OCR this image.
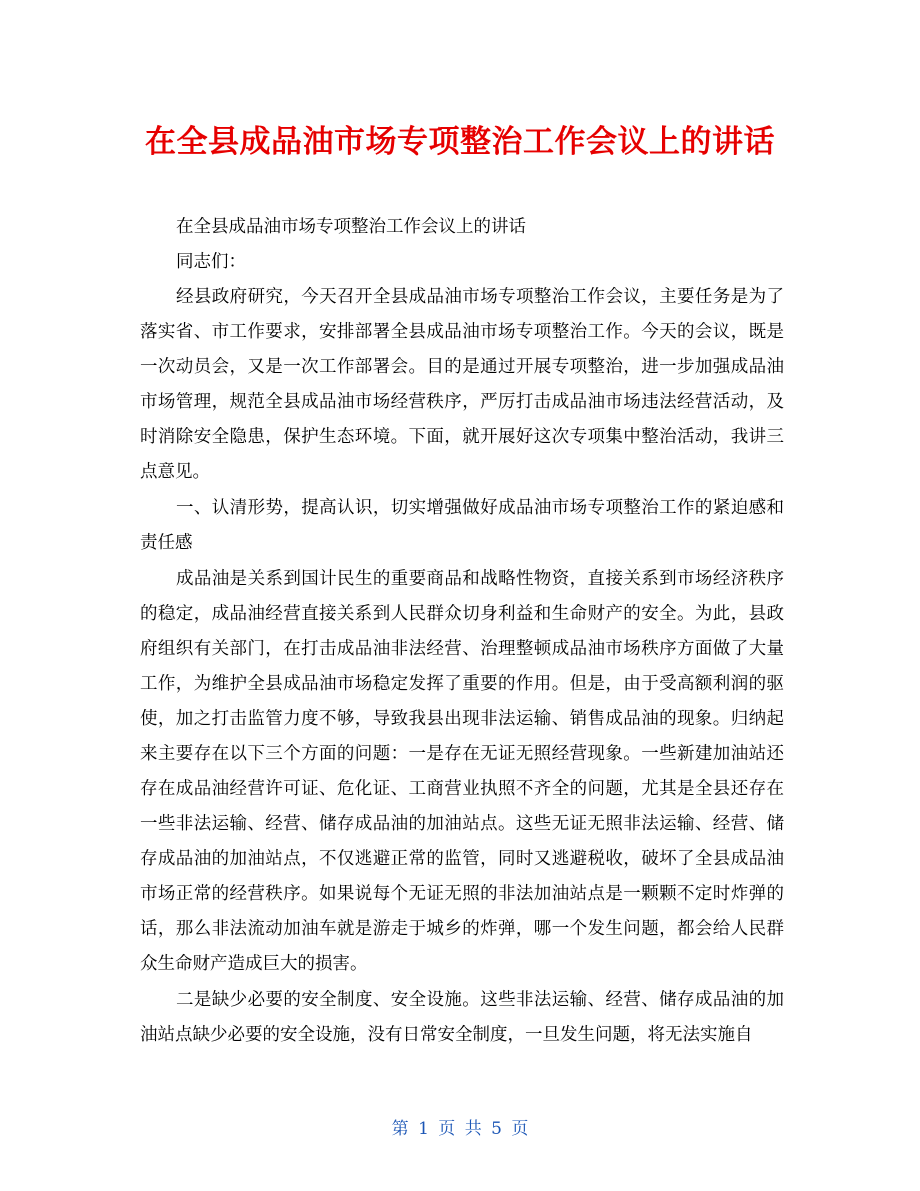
在全县成品油市场专项整治工作会议上的讲话

在全县成品油市场专项整治工作会议上的讲话

同志们：

经县政府研究，今天召开全县成品油市场专项整治工作会议，主要任务是为了落实省、市工作要求，安排部署全县成品油市场专项整治工作。今天的会议，既是一次动员会，又是一次工作部署会。目的是通过开展专项整治，进一步加强成品油市场管理，规范全县成品油市场经营秩序，严厉打击成品油市场违法经营活动，及时消除安全隐患，保护生态环境。下面，就开展好这次专项集中整治活动，我讲三点意见。

一、认清形势，提高认识，切实增强做好成品油市场专项整治工作的紧迫感和责任感

成品油是关系到国计民生的重要商品和战略性物资，直接关系到市场经济秩序的稳定，成品油经营直接关系到人民群众切身利益和生命财产的安全。为此，县政府组织有关部门，在打击成品油非法经营、治理整顿成品油市场秩序方面做了大量工作，为维护全县成品油市场稳定发挥了重要的作用。但是，由于受高额利润的驱使，加之打击监管力度不够，导致我县出现非法运输、销售成品油的现象。归纳起来主要存在以下三个方面的问题：一是存在无证无照经营现象。一些新建加油站还存在成品油经营许可证、危化证、工商营业执照不齐全的问题，尤其是全县还存在一些非法运输、经营、储存成品油的加油站点。这些无证无照非法运输、经营、储存成品油的加油站点，不仅逃避正常的监管，同时又逃避税收，破坏了全县成品油市场正常的经营秩序。如果说每个无证无照的非法加油站点是一颗颗不定时炸弹的话，那么非法流动加油车就是游走于城乡的炸弹，哪一个发生问题，都会给人民群众生命财产造成巨大的损害。

二是缺少必要的安全制度、安全设施。这些非法运输、经营、储存成品油的加油站点缺少必要的安全设施，没有日常安全制度，一旦发生问题，将无法实施自

第 1 页 共 5 页
